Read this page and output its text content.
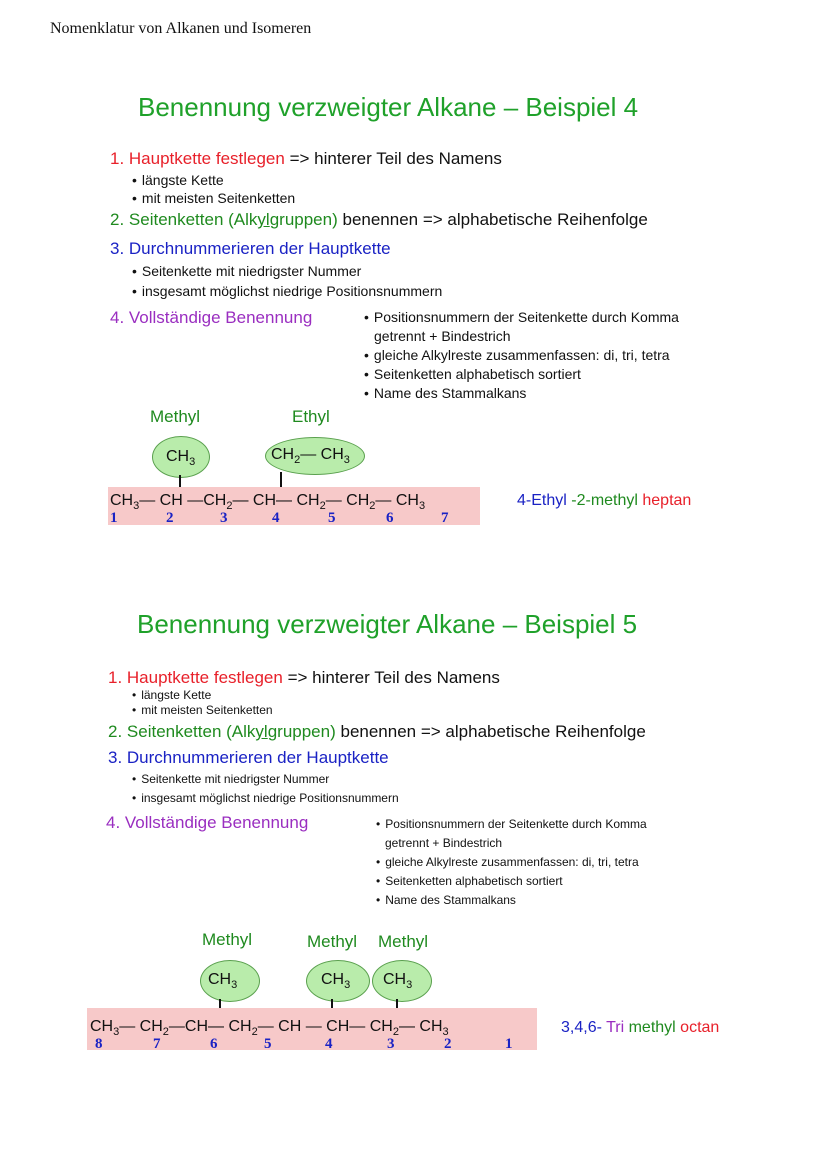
Nomenklatur von Alkanen und Isomeren
Benennung verzweigter Alkane – Beispiel 4
1. Hauptkette festlegen => hinterer Teil des Namens
• längste Kette
• mit meisten Seitenketten
2. Seitenketten (Alkylgruppen) benennen => alphabetische Reihenfolge
3. Durchnummerieren der Hauptkette
• Seitenkette mit niedrigster Nummer
• insgesamt möglichst niedrige Positionsnummern
4. Vollständige Benennung	• Positionsnummern der Seitenkette durch Komma
getrennt + Bindestrich
• gleiche Alkylreste zusammenfassen: di, tri, tetra
• Seitenketten alphabetisch sortiert
• Name des Stammalkans
Methyl	Ethyl
$CH_3$	$CH_2—$ $CH_3$
$CH_3—$ CH $—CH_2—$ CH— $CH_2—$ $CH_2—$ $CH_3$
1	2	3	4	5	6	7
4-Ethyl -2-methyl heptan
Benennung verzweigter Alkane – Beispiel 5
1. Hauptkette festlegen => hinterer Teil des Namens
• längste Kette
• mit meisten Seitenketten
2. Seitenketten (Alkylgruppen) benennen => alphabetische Reihenfolge
3. Durchnummerieren der Hauptkette
• Seitenkette mit niedrigster Nummer
• insgesamt möglichst niedrige Positionsnummern
4. Vollständige Benennung	• Positionsnummern der Seitenkette durch Komma
getrennt + Bindestrich
• gleiche Alkylreste zusammenfassen: di, tri, tetra
• Seitenketten alphabetisch sortiert
• Name des Stammalkans
Methyl	Methyl Methyl
$CH_3$	$CH_3$ $CH_3$
$CH_3—$ $CH_2—CH—$ $CH_2—$ CH — CH— $CH_2—$ $CH_3$
8	7	6	5	4	3	2	1
3,4,6- Tri methyl octan
